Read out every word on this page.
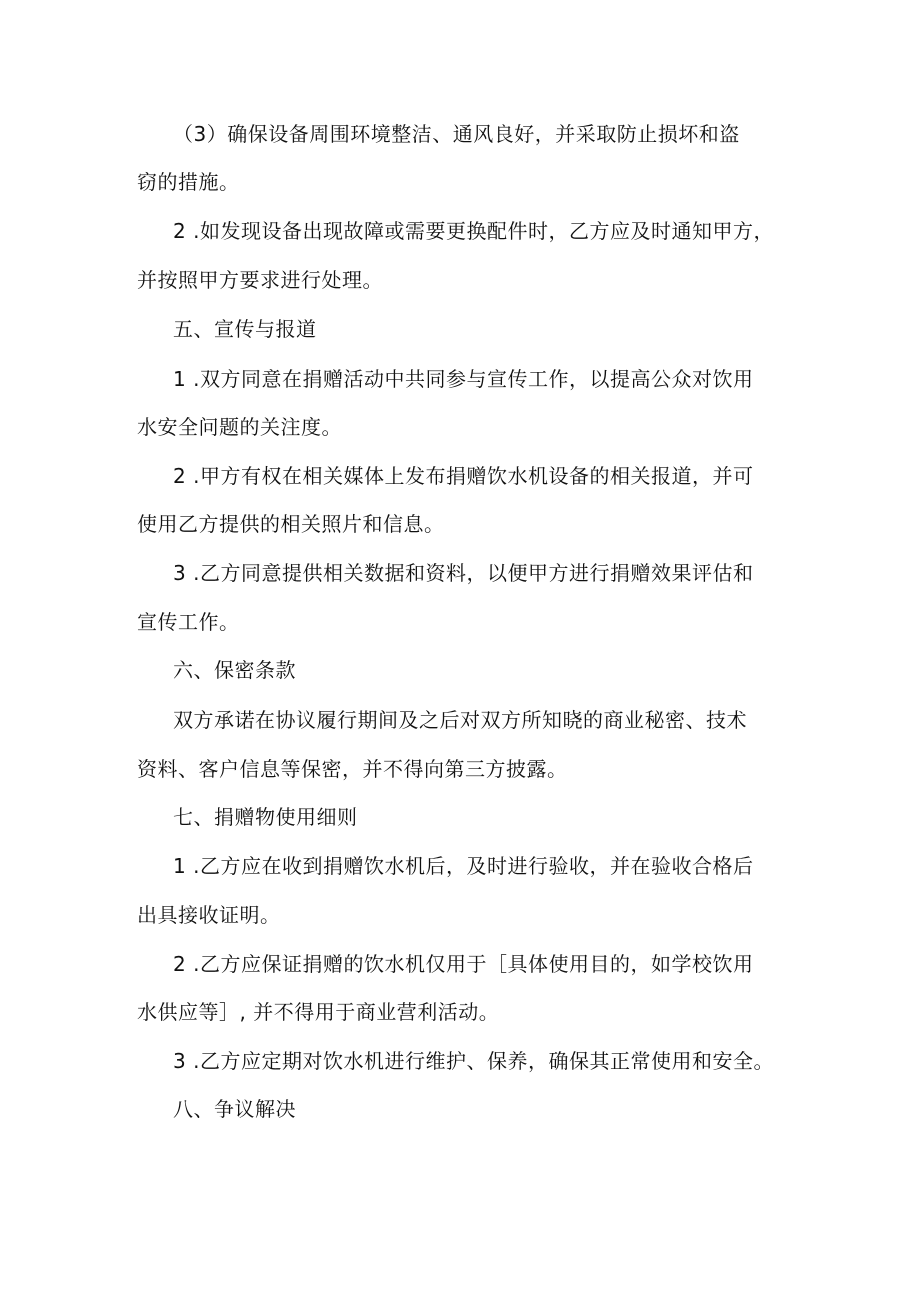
（3）确保设备周围环境整洁、通风良好，并采取防止损坏和盗
窃的措施。
2 .如发现设备出现故障或需要更换配件时，乙方应及时通知甲方，
并按照甲方要求进行处理。
五、宣传与报道
1 .双方同意在捐赠活动中共同参与宣传工作，以提高公众对饮用
水安全问题的关注度。
2 .甲方有权在相关媒体上发布捐赠饮水机设备的相关报道，并可
使用乙方提供的相关照片和信息。
3 .乙方同意提供相关数据和资料，以便甲方进行捐赠效果评估和
宣传工作。
六、保密条款
双方承诺在协议履行期间及之后对双方所知晓的商业秘密、技术
资料、客户信息等保密，并不得向第三方披露。
七、捐赠物使用细则
1 .乙方应在收到捐赠饮水机后，及时进行验收，并在验收合格后
出具接收证明。
2 .乙方应保证捐赠的饮水机仅用于［具体使用目的，如学校饮用
水供应等］, 并不得用于商业营利活动。
3 .乙方应定期对饮水机进行维护、保养，确保其正常使用和安全。
八、争议解决
